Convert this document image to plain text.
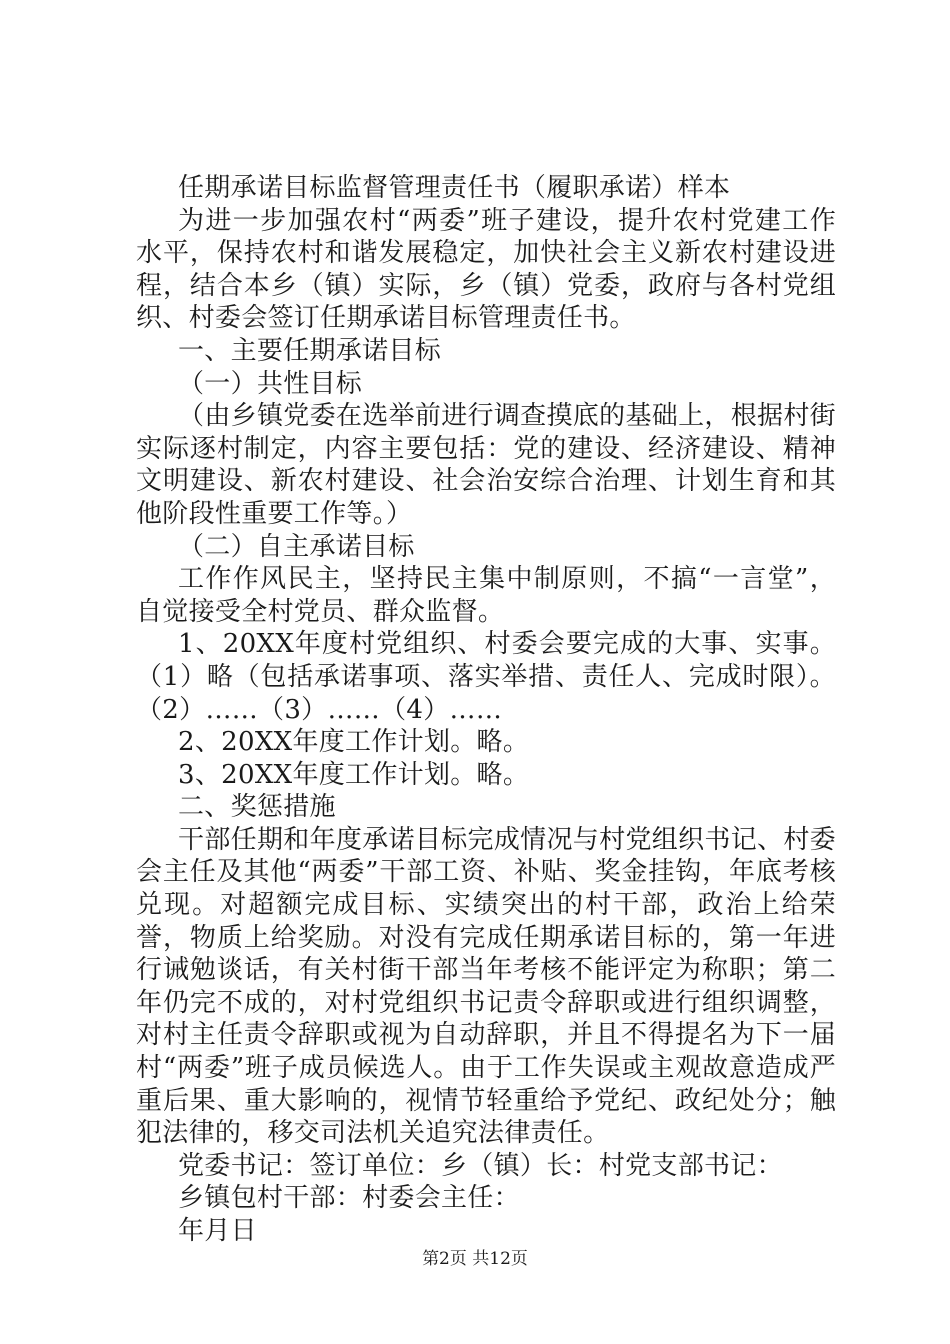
任期承诺目标监督管理责任书（履职承诺）样本

为进一步加强农村“两委”班子建设，提升农村党建工作水平，保持农村和谐发展稳定，加快社会主义新农村建设进程，结合本乡（镇）实际，乡（镇）党委，政府与各村党组织、村委会签订任期承诺目标管理责任书。

一、主要任期承诺目标

（一）共性目标

（由乡镇党委在选举前进行调查摸底的基础上，根据村街实际逐村制定，内容主要包括：党的建设、经济建设、精神文明建设、新农村建设、社会治安综合治理、计划生育和其他阶段性重要工作等。）

（二）自主承诺目标

工作作风民主，坚持民主集中制原则，不搞“一言堂”，自觉接受全村党员、群众监督。

1、20XX年度村党组织、村委会要完成的大事、实事。（1）略（包括承诺事项、落实举措、责任人、完成时限）。（2）……（3）……（4）……

2、20XX年度工作计划。略。

3、20XX年度工作计划。略。

二、奖惩措施

干部任期和年度承诺目标完成情况与村党组织书记、村委会主任及其他“两委”干部工资、补贴、奖金挂钩，年底考核兑现。对超额完成目标、实绩突出的村干部，政治上给荣誉，物质上给奖励。对没有完成任期承诺目标的，第一年进行诫勉谈话，有关村街干部当年考核不能评定为称职；第二年仍完不成的，对村党组织书记责令辞职或进行组织调整，对村主任责令辞职或视为自动辞职，并且不得提名为下一届村“两委”班子成员候选人。由于工作失误或主观故意造成严重后果、重大影响的，视情节轻重给予党纪、政纪处分；触犯法律的，移交司法机关追究法律责任。

党委书记：签订单位：乡（镇）长：村党支部书记：

乡镇包村干部：村委会主任：

年月日

第2页 共12页
